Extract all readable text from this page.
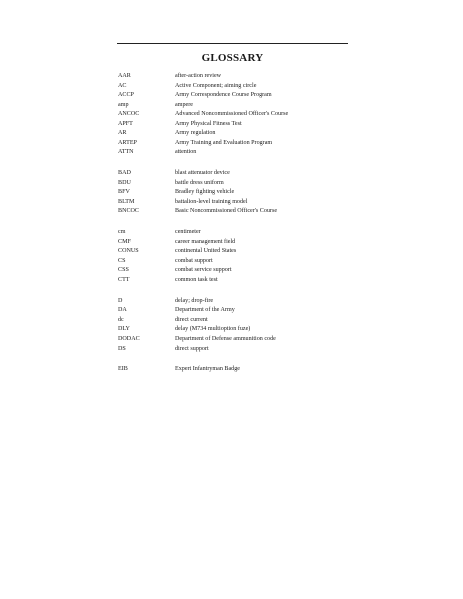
GLOSSARY
AAR	after-action review
AC	Active Component; aiming circle
ACCP	Army Correspondence Course Program
amp	ampere
ANCOC	Advanced Noncommissioned Officer's Course
APFT	Army Physical Fitness Test
AR	Army regulation
ARTEP	Army Training and Evaluation Program
ATTN	attention
BAD	blast attenuator device
BDU	battle dress uniform
BFV	Bradley fighting vehicle
BLTM	battalion-level training model
BNCOC	Basic Noncommissioned Officer's Course
cm	centimeter
CMF	career management field
CONUS	continental United States
CS	combat support
CSS	combat service support
CTT	common task test
D	delay; drop-fire
DA	Department of the Army
dc	direct current
DLY	delay (M734 multioption fuze)
DODAC	Department of Defense ammunition code
DS	direct support
EIB	Expert Infantryman Badge
